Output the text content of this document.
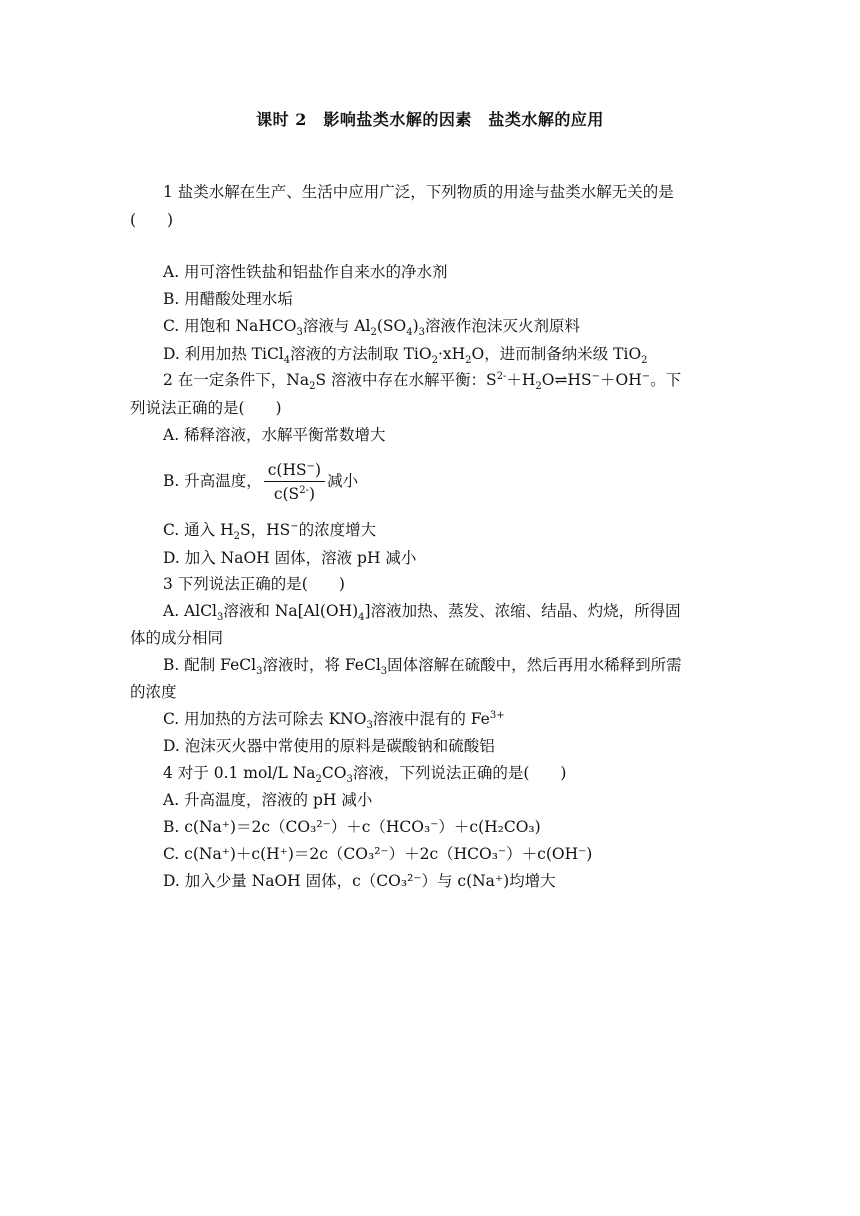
课时 2　影响盐类水解的因素　盐类水解的应用
1 盐类水解在生产、生活中应用广泛，下列物质的用途与盐类水解无关的是
(　　)
A. 用可溶性铁盐和铝盐作自来水的净水剂
B. 用醋酸处理水垢
C. 用饱和 NaHCO$_3$溶液与 $Al_2(SO_4)_3$溶液作泡沫灭火剂原料
D. 利用加热 TiCl$_4$溶液的方法制取 $TiO_2\cdot xH_2O$，进而制备纳米级 TiO$_2$
2 在一定条件下，$Na_2S$ 溶液中存在水解平衡：$S^{2-}+H_2O\rightleftharpoons HS^-+OH^-$。下
列说法正确的是(　　)
A. 稀释溶液，水解平衡常数增大
B. 升高温度， $\frac{c(HS^-)}{c(S^{2-})}$ 减小
C. 通入 $H_2S$，HS−的浓度增大
D. 加入 NaOH 固体，溶液 pH 减小
3 下列说法正确的是(　　)
A. AlCl$_3$溶液和 $Na[Al(OH)_4]$溶液加热、蒸发、浓缩、结晶、灼烧，所得固
体的成分相同
B. 配制 FeCl$_3$溶液时，将 FeCl$_3$固体溶解在硫酸中，然后再用水稀释到所需
的浓度
C. 用加热的方法可除去 $KNO_3$溶液中混有的 $Fe^{3+}$
D. 泡沫灭火器中常使用的原料是碳酸钠和硫酸铝
4 对于 0.1 mol/L $Na_2CO_3$溶液，下列说法正确的是(　　)
A. 升高温度，溶液的 pH 减小
B. c(Na⁺)＝2c（CO₃²⁻）＋c（HCO₃⁻）＋c(H₂CO₃)
C. c(Na⁺)＋c(H⁺)＝2c（CO₃²⁻）＋2c（HCO₃⁻）＋c(OH⁻)
D. 加入少量 NaOH 固体，c（CO₃²⁻）与 c(Na⁺)均增大
